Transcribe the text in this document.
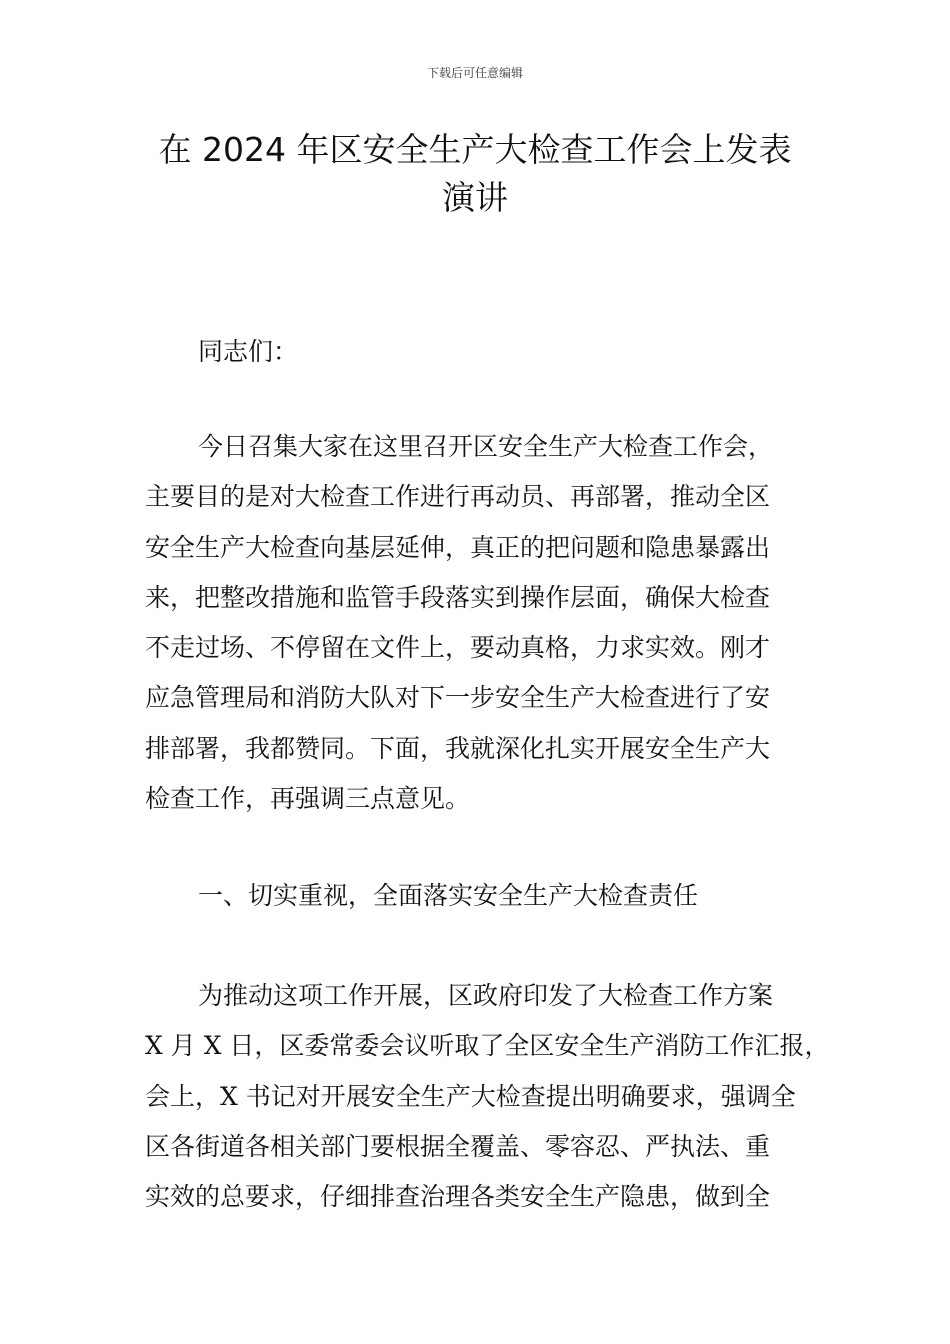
下载后可任意编辑
在 2024 年区安全生产大检查工作会上发表
演讲
同志们：
今日召集大家在这里召开区安全生产大检查工作会，
主要目的是对大检查工作进行再动员、再部署，推动全区
安全生产大检查向基层延伸，真正的把问题和隐患暴露出
来，把整改措施和监管手段落实到操作层面，确保大检查
不走过场、不停留在文件上，要动真格，力求实效。刚才
应急管理局和消防大队对下一步安全生产大检查进行了安
排部署，我都赞同。下面，我就深化扎实开展安全生产大
检查工作，再强调三点意见。
一、切实重视，全面落实安全生产大检查责任
为推动这项工作开展，区政府印发了大检查工作方案
X 月 X 日，区委常委会议听取了全区安全生产消防工作汇报，
会上，X 书记对开展安全生产大检查提出明确要求，强调全
区各街道各相关部门要根据全覆盖、零容忍、严执法、重
实效的总要求，仔细排查治理各类安全生产隐患，做到全
